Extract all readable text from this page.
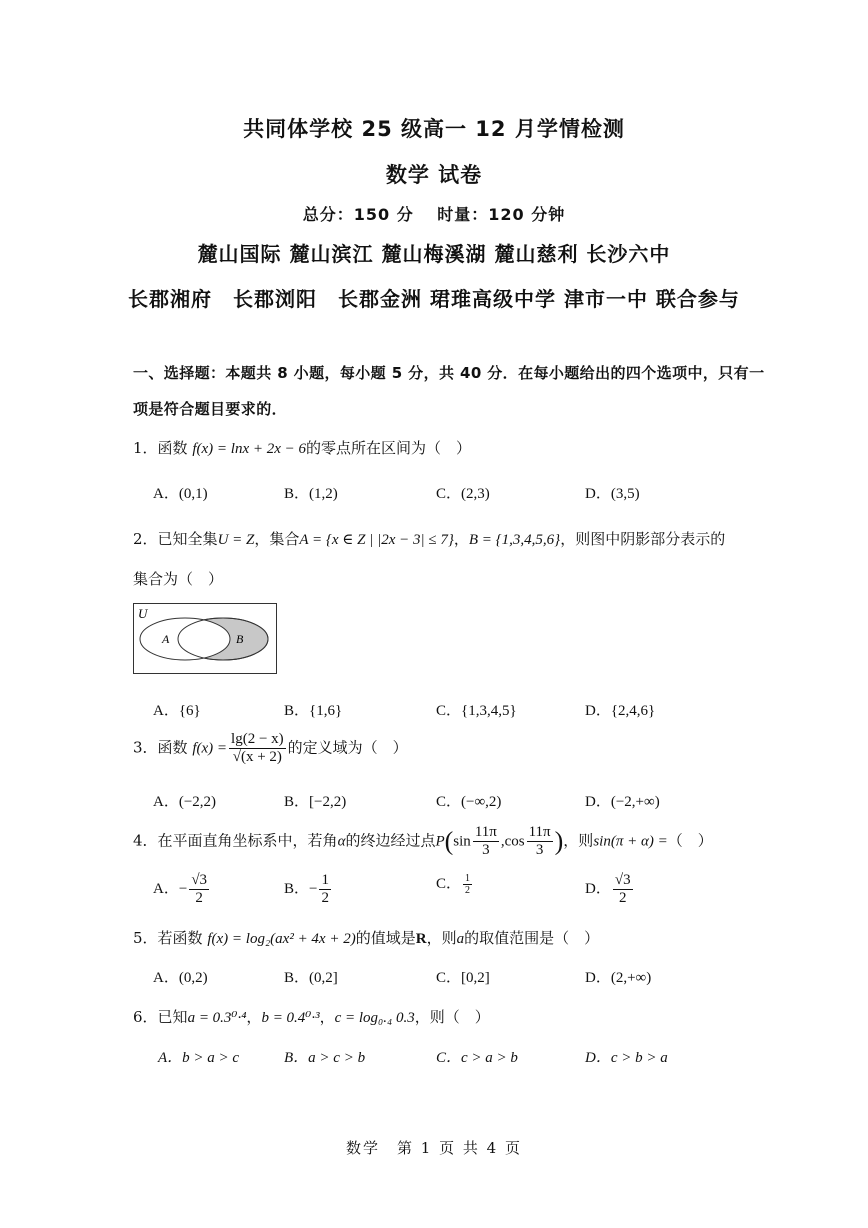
共同体学校 25 级高一 12 月学情检测
数学 试卷
总分：150 分　 时量：120 分钟
麓山国际 麓山滨江 麓山梅溪湖 麓山慈利 长沙六中
长郡湘府　长郡浏阳　长郡金洲 珺琟高级中学 津市一中 联合参与
一、选择题：本题共 8 小题，每小题 5 分，共 40 分．在每小题给出的四个选项中，只有一
项是符合题目要求的．
1．函数 f(x) = lnx + 2x − 6的零点所在区间为（　）
A．(0,1)	B．(1,2)	C．(2,3)	D．(3,5)
2．已知全集U = Z，集合A = {x ∈ Z | |2x − 3| ≤ 7}，B = {1,3,4,5,6}，则图中阴影部分表示的
集合为（　）
U
A	B
A．{6}	B．{1,6}	C．{1,3,4,5}	D．{2,4,6}
3．函数 $f(x) = \frac{\lg(2 - x)}{√(x + 2)}$ 的定义域为（　）
A．(−2,2)	B．[−2,2)	C．(−∞,2)	D．(−2,+∞)
4．在平面直角坐标系中，若角α的终边经过点$P(\sin \frac{11\pi}{3} ,\cos \frac{11\pi}{3}$ )，则sin(π + α) =（　）
A．− $\frac{√3}{2}$	B．− $\frac{1}{2}$	C． $\frac{1}{2}$	D． $\frac{√3}{2}$
5．若函数 f(x) = log₂(ax² + 4x + 2)的值域是R，则a的取值范围是（　）
A．(0,2)	B．(0,2]	C．[0,2]	D．(2,+∞)
6．已知a = 0.3⁰·⁴，b = 0.4⁰·³，c = log₀.₄ 0.3，则（　）
A．b > a > c	B．a > c > b	C．c > a > b	D．c > b > a
数学　第 1 页 共 4 页
